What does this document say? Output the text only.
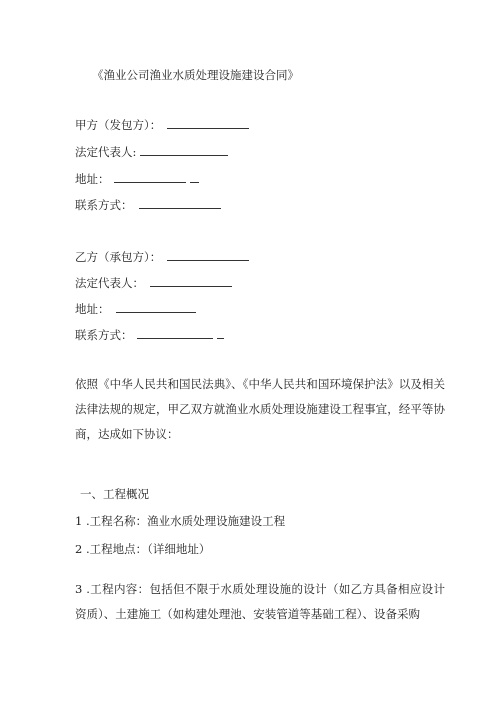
《渔业公司渔业水质处理设施建设合同》
甲方（发包方）：
法定代表人:
地址：
联系方式：
乙方（承包方）：
法定代表人：
地址：
联系方式：
依照《中华人民共和国民法典》、《中华人民共和国环境保护法》以及相关法律法规的规定，甲乙双方就渔业水质处理设施建设工程事宜，经平等协商，达成如下协议：
一、工程概况
1 .工程名称：渔业水质处理设施建设工程
2 .工程地点：（详细地址）
3 .工程内容：包括但不限于水质处理设施的设计（如乙方具备相应设计资质）、土建施工（如构建处理池、安装管道等基础工程）、设备采购
